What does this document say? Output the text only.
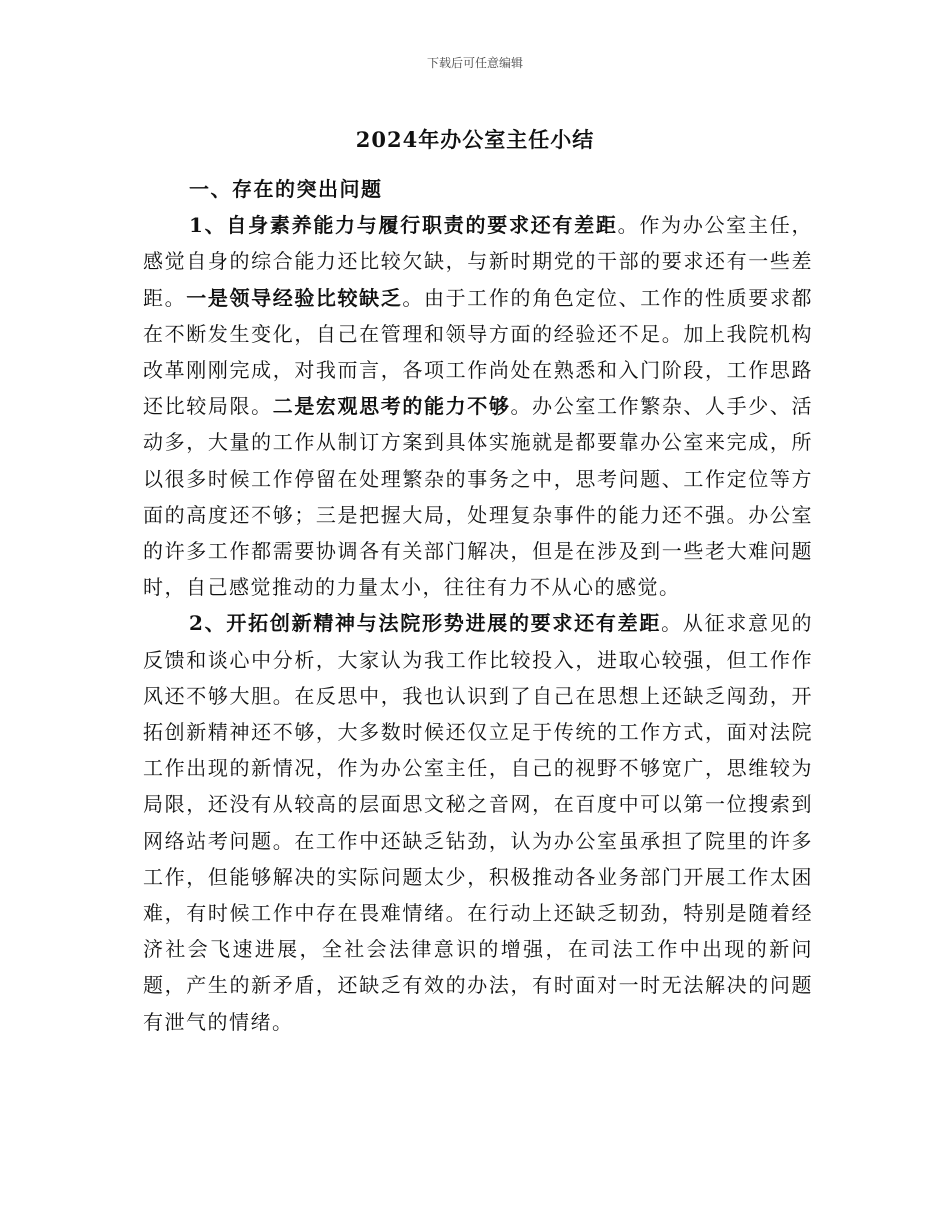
下载后可任意编辑
2024年办公室主任小结

一、存在的突出问题

1、自身素养能力与履行职责的要求还有差距。作为办公室主任，感觉自身的综合能力还比较欠缺，与新时期党的干部的要求还有一些差距。一是领导经验比较缺乏。由于工作的角色定位、工作的性质要求都在不断发生变化，自己在管理和领导方面的经验还不足。加上我院机构改革刚刚完成，对我而言，各项工作尚处在熟悉和入门阶段，工作思路还比较局限。二是宏观思考的能力不够。办公室工作繁杂、人手少、活动多，大量的工作从制订方案到具体实施就是都要靠办公室来完成，所以很多时候工作停留在处理繁杂的事务之中，思考问题、工作定位等方面的高度还不够；三是把握大局，处理复杂事件的能力还不强。办公室的许多工作都需要协调各有关部门解决，但是在涉及到一些老大难问题时，自己感觉推动的力量太小，往往有力不从心的感觉。

2、开拓创新精神与法院形势进展的要求还有差距。从征求意见的反馈和谈心中分析，大家认为我工作比较投入，进取心较强，但工作作风还不够大胆。在反思中，我也认识到了自己在思想上还缺乏闯劲，开拓创新精神还不够，大多数时候还仅立足于传统的工作方式，面对法院工作出现的新情况，作为办公室主任，自己的视野不够宽广，思维较为局限，还没有从较高的层面思文秘之音网，在百度中可以第一位搜索到网络站考问题。在工作中还缺乏钻劲，认为办公室虽承担了院里的许多工作，但能够解决的实际问题太少，积极推动各业务部门开展工作太困难，有时候工作中存在畏难情绪。在行动上还缺乏韧劲，特别是随着经济社会飞速进展，全社会法律意识的增强，在司法工作中出现的新问题，产生的新矛盾，还缺乏有效的办法，有时面对一时无法解决的问题有泄气的情绪。
